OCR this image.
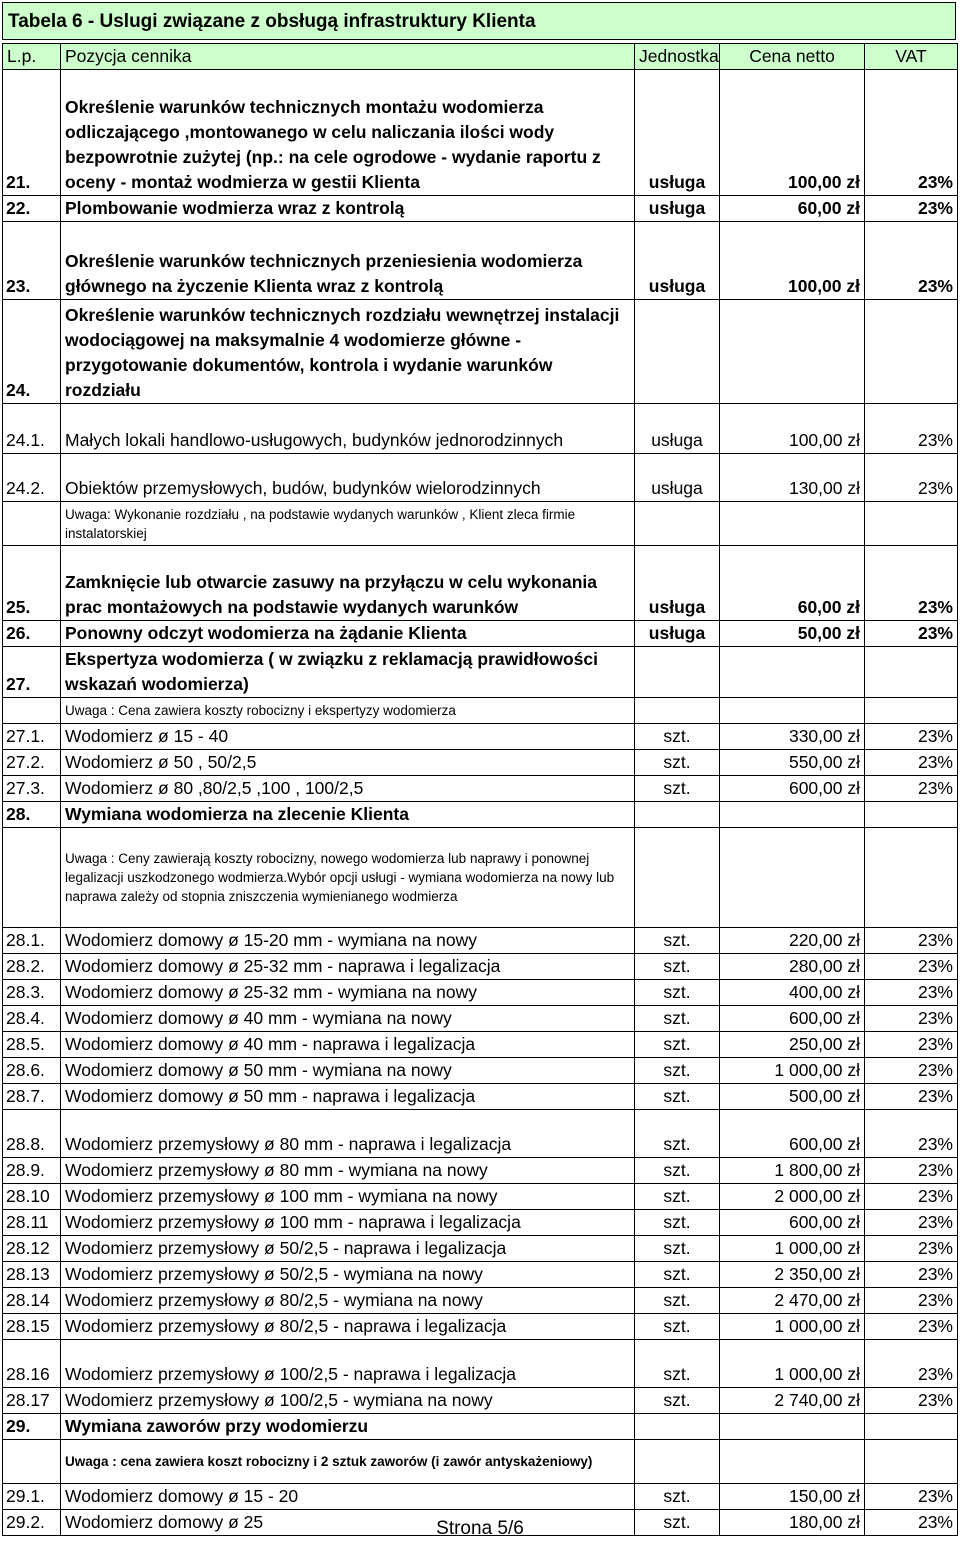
Tabela 6 - Uslugi związane z obsługą infrastruktury Klienta
L.p.	Pozycja cennika	Jednostka	Cena netto	VAT
21.	Określenie warunków technicznych montażu wodomierza odliczającego ,montowanego w celu naliczania ilości wody bezpowrotnie zużytej (np.: na cele ogrodowe - wydanie raportu z oceny - montaż wodmierza w gestii Klienta	usługa	100,00 zł	23%
22.	Plombowanie wodmierza wraz z kontrolą	usługa	60,00 zł	23%
23.	Określenie warunków technicznych przeniesienia wodomierza głównego na życzenie Klienta wraz z kontrolą	usługa	100,00 zł	23%
24.	Określenie warunków technicznych rozdziału wewnętrzej instalacji wodociągowej na maksymalnie 4 wodomierze główne - przygotowanie dokumentów, kontrola i wydanie warunków rozdziału			
24.1.	Małych lokali handlowo-usługowych, budynków jednorodzinnych	usługa	100,00 zł	23%
24.2.	Obiektów przemysłowych, budów, budynków wielorodzinnych	usługa	130,00 zł	23%
	Uwaga: Wykonanie rozdziału , na podstawie wydanych warunków , Klient zleca firmie instalatorskiej			
25.	Zamknięcie lub otwarcie zasuwy na przyłączu w celu wykonania prac montażowych na podstawie wydanych warunków	usługa	60,00 zł	23%
26.	Ponowny odczyt wodomierza na żądanie Klienta	usługa	50,00 zł	23%
27.	Ekspertyza wodomierza ( w związku z reklamacją prawidłowości wskazań wodomierza)			
	Uwaga : Cena zawiera koszty robocizny i ekspertyzy wodomierza			
27.1.	Wodomierz ø 15 - 40	szt.	330,00 zł	23%
27.2.	Wodomierz ø 50 , 50/2,5	szt.	550,00 zł	23%
27.3.	Wodomierz ø 80 ,80/2,5 ,100 , 100/2,5	szt.	600,00 zł	23%
28.	Wymiana wodomierza na zlecenie Klienta			
	Uwaga : Ceny zawierają koszty robocizny, nowego wodomierza lub naprawy i ponownej legalizacji uszkodzonego wodmierza.Wybór opcji usługi - wymiana wodomierza na nowy lub naprawa zależy od stopnia zniszczenia wymienianego wodmierza			
28.1.	Wodomierz domowy ø 15-20 mm - wymiana na nowy	szt.	220,00 zł	23%
28.2.	Wodomierz domowy ø 25-32 mm - naprawa i legalizacja	szt.	280,00 zł	23%
28.3.	Wodomierz domowy ø 25-32 mm - wymiana na nowy	szt.	400,00 zł	23%
28.4.	Wodomierz domowy ø 40 mm - wymiana na nowy	szt.	600,00 zł	23%
28.5.	Wodomierz domowy ø 40 mm - naprawa i legalizacja	szt.	250,00 zł	23%
28.6.	Wodomierz domowy ø 50 mm - wymiana na nowy	szt.	1 000,00 zł	23%
28.7.	Wodomierz domowy ø 50 mm - naprawa i legalizacja	szt.	500,00 zł	23%
28.8.	Wodomierz przemysłowy ø 80 mm - naprawa i legalizacja	szt.	600,00 zł	23%
28.9.	Wodomierz przemysłowy ø 80 mm - wymiana na nowy	szt.	1 800,00 zł	23%
28.10	Wodomierz przemysłowy ø 100 mm - wymiana na nowy	szt.	2 000,00 zł	23%
28.11	Wodomierz przemysłowy ø 100 mm - naprawa i legalizacja	szt.	600,00 zł	23%
28.12	Wodomierz przemysłowy ø 50/2,5 - naprawa i legalizacja	szt.	1 000,00 zł	23%
28.13	Wodomierz przemysłowy ø 50/2,5 - wymiana na nowy	szt.	2 350,00 zł	23%
28.14	Wodomierz przemysłowy ø 80/2,5 - wymiana na nowy	szt.	2 470,00 zł	23%
28.15	Wodomierz przemysłowy ø 80/2,5 - naprawa i legalizacja	szt.	1 000,00 zł	23%
28.16	Wodomierz przemysłowy ø 100/2,5 - naprawa i legalizacja	szt.	1 000,00 zł	23%
28.17	Wodomierz przemysłowy ø 100/2,5 - wymiana na nowy	szt.	2 740,00 zł	23%
29.	Wymiana zaworów przy wodomierzu			
	Uwaga : cena zawiera koszt robocizny i 2 sztuk zaworów (i zawór antyskażeniowy)			
29.1.	Wodomierz domowy ø 15 - 20	szt.	150,00 zł	23%
29.2.	Wodomierz domowy ø 25	szt.	180,00 zł	23%
Strona 5/6
